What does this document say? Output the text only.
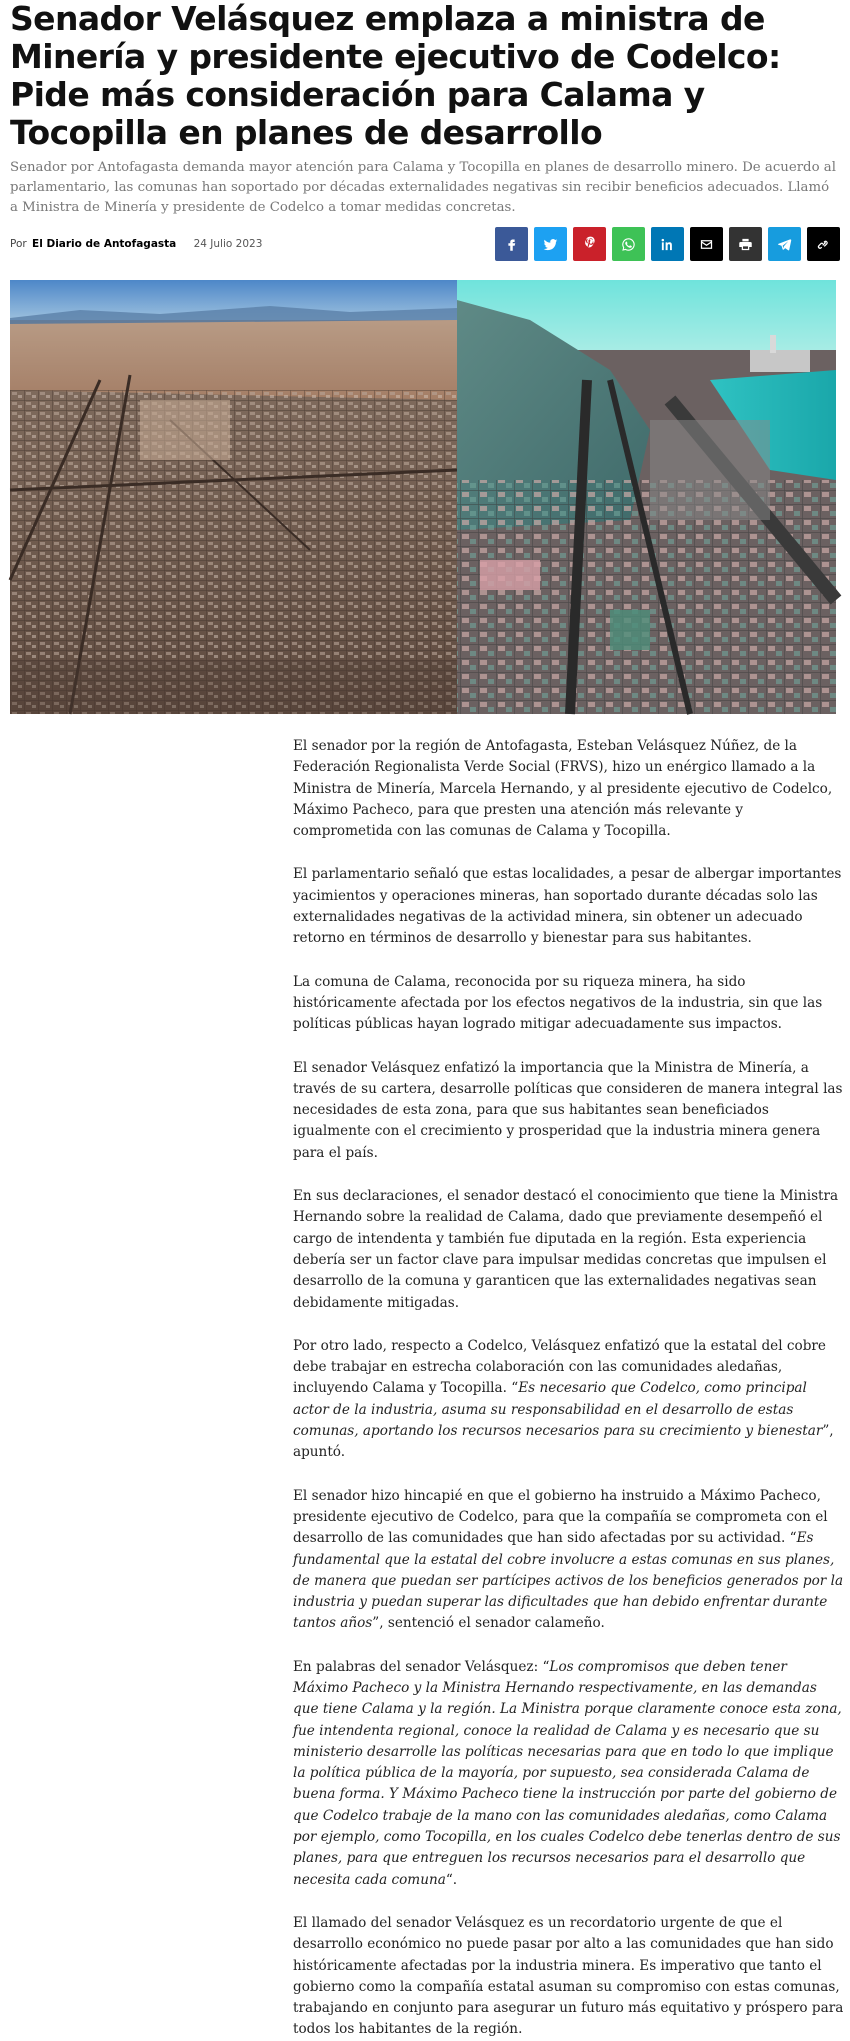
Senador Velásquez emplaza a ministra de Minería y presidente ejecutivo de Codelco: Pide más consideración para Calama y Tocopilla en planes de desarrollo

Senador por Antofagasta demanda mayor atención para Calama y Tocopilla en planes de desarrollo minero. De acuerdo al parlamentario, las comunas han soportado por décadas externalidades negativas sin recibir beneficios adecuados. Llamó a Ministra de Minería y presidente de Codelco a tomar medidas concretas.

Por El Diario de Antofagasta 24 Julio 2023

El senador por la región de Antofagasta, Esteban Velásquez Núñez, de la Federación Regionalista Verde Social (FRVS), hizo un enérgico llamado a la Ministra de Minería, Marcela Hernando, y al presidente ejecutivo de Codelco, Máximo Pacheco, para que presten una atención más relevante y comprometida con las comunas de Calama y Tocopilla.

El parlamentario señaló que estas localidades, a pesar de albergar importantes yacimientos y operaciones mineras, han soportado durante décadas solo las externalidades negativas de la actividad minera, sin obtener un adecuado retorno en términos de desarrollo y bienestar para sus habitantes.

La comuna de Calama, reconocida por su riqueza minera, ha sido históricamente afectada por los efectos negativos de la industria, sin que las políticas públicas hayan logrado mitigar adecuadamente sus impactos.

El senador Velásquez enfatizó la importancia que la Ministra de Minería, a través de su cartera, desarrolle políticas que consideren de manera integral las necesidades de esta zona, para que sus habitantes sean beneficiados igualmente con el crecimiento y prosperidad que la industria minera genera para el país.

En sus declaraciones, el senador destacó el conocimiento que tiene la Ministra Hernando sobre la realidad de Calama, dado que previamente desempeñó el cargo de intendenta y también fue diputada en la región. Esta experiencia debería ser un factor clave para impulsar medidas concretas que impulsen el desarrollo de la comuna y garanticen que las externalidades negativas sean debidamente mitigadas.

Por otro lado, respecto a Codelco, Velásquez enfatizó que la estatal del cobre debe trabajar en estrecha colaboración con las comunidades aledañas, incluyendo Calama y Tocopilla. “Es necesario que Codelco, como principal actor de la industria, asuma su responsabilidad en el desarrollo de estas comunas, aportando los recursos necesarios para su crecimiento y bienestar”, apuntó.

El senador hizo hincapié en que el gobierno ha instruido a Máximo Pacheco, presidente ejecutivo de Codelco, para que la compañía se comprometa con el desarrollo de las comunidades que han sido afectadas por su actividad. “Es fundamental que la estatal del cobre involucre a estas comunas en sus planes, de manera que puedan ser partícipes activos de los beneficios generados por la industria y puedan superar las dificultades que han debido enfrentar durante tantos años”, sentenció el senador calameño.

En palabras del senador Velásquez: “Los compromisos que deben tener Máximo Pacheco y la Ministra Hernando respectivamente, en las demandas que tiene Calama y la región. La Ministra porque claramente conoce esta zona, fue intendenta regional, conoce la realidad de Calama y es necesario que su ministerio desarrolle las políticas necesarias para que en todo lo que implique la política pública de la mayoría, por supuesto, sea considerada Calama de buena forma. Y Máximo Pacheco tiene la instrucción por parte del gobierno de que Codelco trabaje de la mano con las comunidades aledañas, como Calama por ejemplo, como Tocopilla, en los cuales Codelco debe tenerlas dentro de sus planes, para que entreguen los recursos necesarios para el desarrollo que necesita cada comuna“.

El llamado del senador Velásquez es un recordatorio urgente de que el desarrollo económico no puede pasar por alto a las comunidades que han sido históricamente afectadas por la industria minera. Es imperativo que tanto el gobierno como la compañía estatal asuman su compromiso con estas comunas, trabajando en conjunto para asegurar un futuro más equitativo y próspero para todos los habitantes de la región.
